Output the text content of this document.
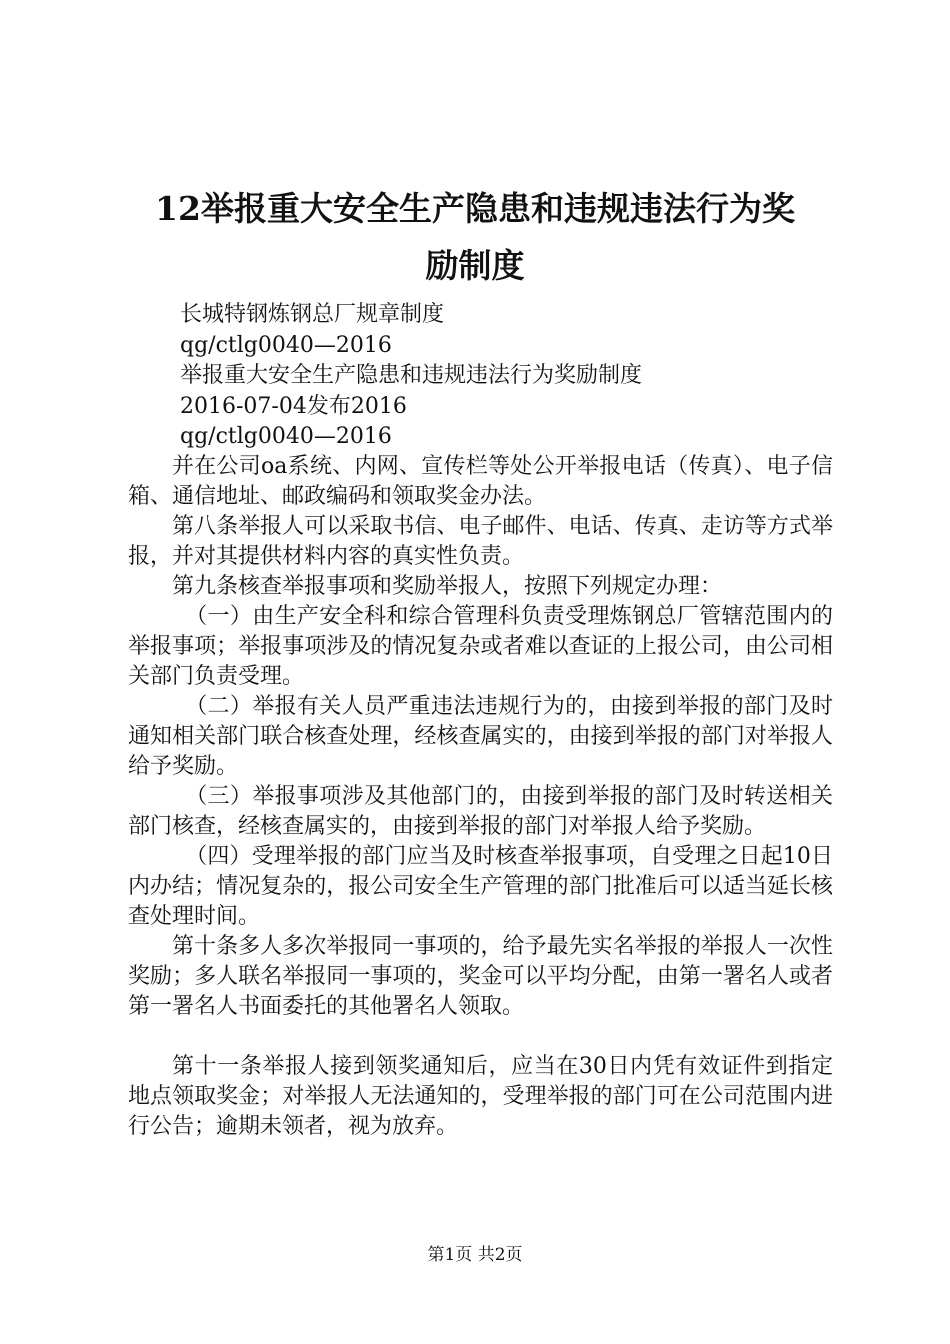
12举报重大安全生产隐患和违规违法行为奖
励制度
长城特钢炼钢总厂规章制度
qg/ctlg0040—2016
举报重大安全生产隐患和违规违法行为奖励制度
2016-07-04发布2016
qg/ctlg0040—2016

并在公司oa系统、内网、宣传栏等处公开举报电话（传真）、电子信箱、通信地址、邮政编码和领取奖金办法。

第八条举报人可以采取书信、电子邮件、电话、传真、走访等方式举报，并对其提供材料内容的真实性负责。

第九条核查举报事项和奖励举报人，按照下列规定办理：

（一）由生产安全科和综合管理科负责受理炼钢总厂管辖范围内的举报事项；举报事项涉及的情况复杂或者难以查证的上报公司，由公司相关部门负责受理。

（二）举报有关人员严重违法违规行为的，由接到举报的部门及时通知相关部门联合核查处理，经核查属实的，由接到举报的部门对举报人给予奖励。

（三）举报事项涉及其他部门的，由接到举报的部门及时转送相关部门核查，经核查属实的，由接到举报的部门对举报人给予奖励。

（四）受理举报的部门应当及时核查举报事项，自受理之日起10日内办结；情况复杂的，报公司安全生产管理的部门批准后可以适当延长核查处理时间。

第十条多人多次举报同一事项的，给予最先实名举报的举报人一次性奖励；多人联名举报同一事项的，奖金可以平均分配，由第一署名人或者第一署名人书面委托的其他署名人领取。

第十一条举报人接到领奖通知后，应当在30日内凭有效证件到指定地点领取奖金；对举报人无法通知的，受理举报的部门可在公司范围内进行公告；逾期未领者，视为放弃。

第1页 共2页
